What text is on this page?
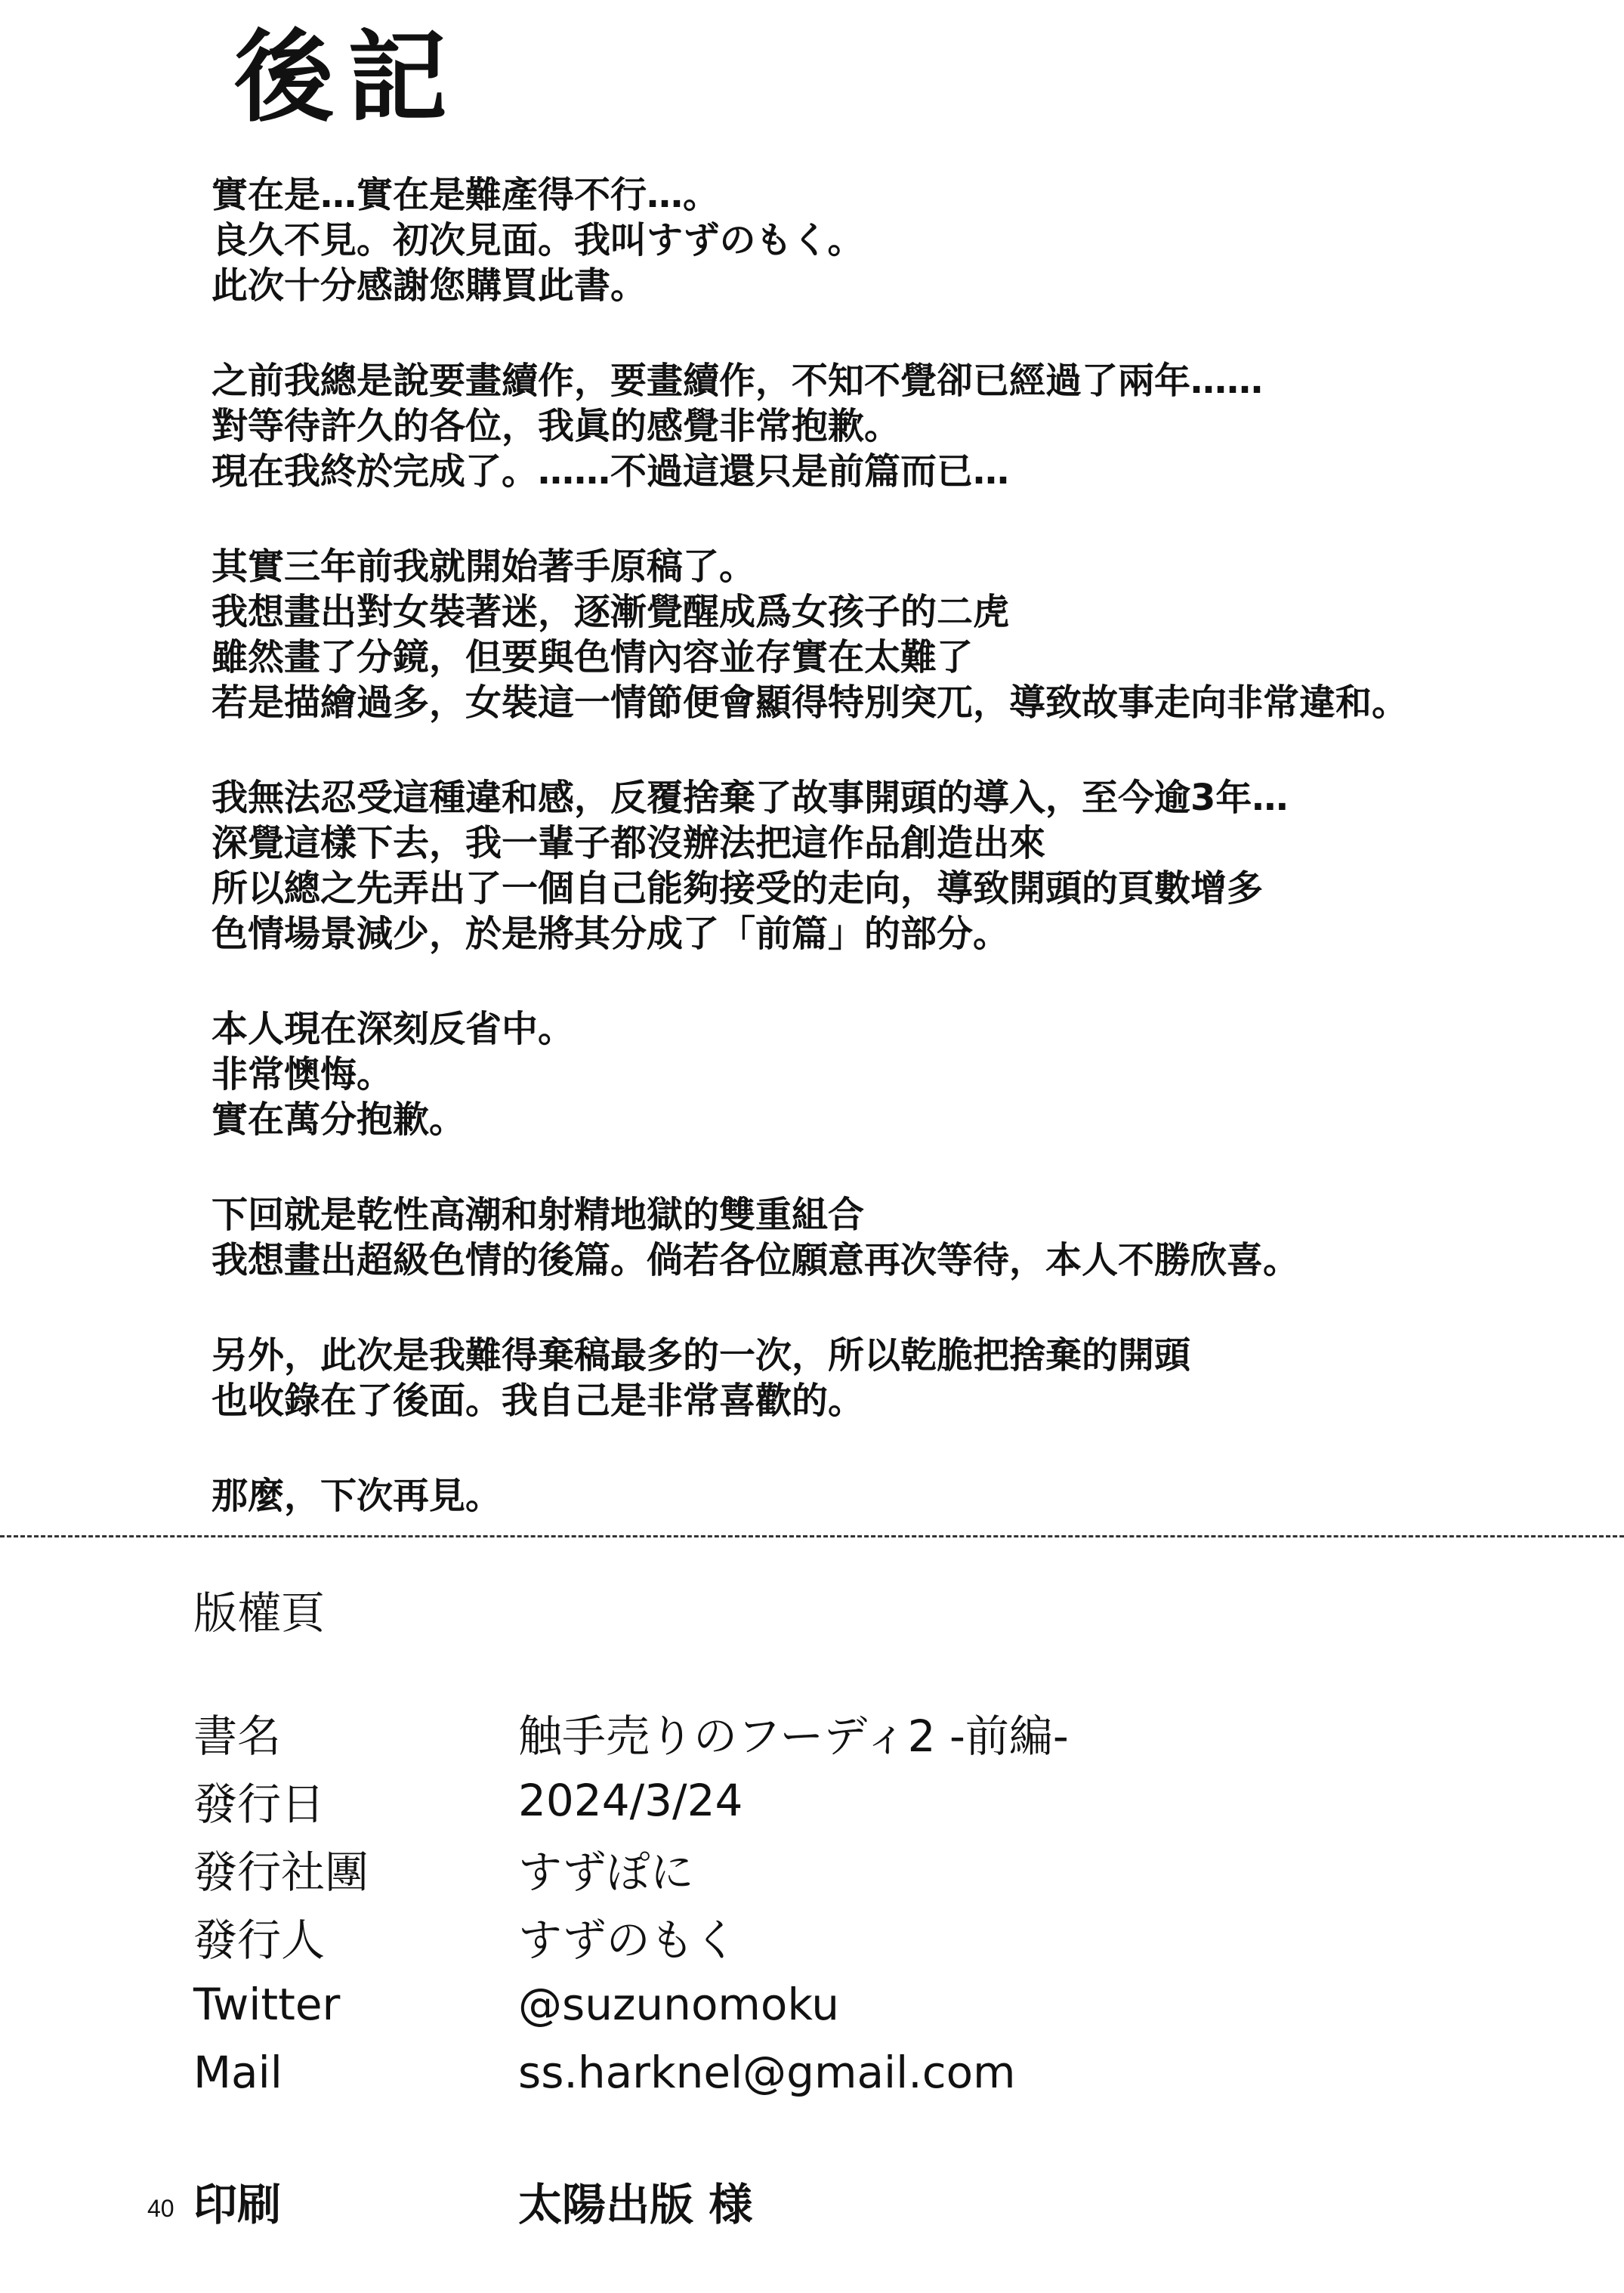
後記
實在是…實在是難產得不行…。
良久不見。初次見面。我叫すずのもく。
此次十分感謝您購買此書。
之前我總是說要畫續作，要畫續作，不知不覺卻已經過了兩年……
對等待許久的各位，我眞的感覺非常抱歉。
現在我終於完成了。……不過這還只是前篇而已…
其實三年前我就開始著手原稿了。
我想畫出對女裝著迷，逐漸覺醒成爲女孩子的二虎
雖然畫了分鏡，但要與色情內容並存實在太難了
若是描繪過多，女裝這一情節便會顯得特別突兀，導致故事走向非常違和。
我無法忍受這種違和感，反覆捨棄了故事開頭的導入，至今逾3年…
深覺這樣下去，我一輩子都沒辦法把這作品創造出來
所以總之先弄出了一個自己能夠接受的走向，導致開頭的頁數增多
色情場景減少，於是將其分成了「前篇」的部分。
本人現在深刻反省中。
非常懊悔。
實在萬分抱歉。
下回就是乾性高潮和射精地獄的雙重組合
我想畫出超級色情的後篇。倘若各位願意再次等待，本人不勝欣喜。
另外，此次是我難得棄稿最多的一次，所以乾脆把捨棄的開頭
也收錄在了後面。我自己是非常喜歡的。
那麼，下次再見。
版權頁
書名	触手売りのフーディ2 -前編-
發行日	2024/3/24
發行社團	すずぽに
發行人	すずのもく
Twitter	@suzunomoku
Mail	ss.harknel@gmail.com
印刷	太陽出版 様
40
